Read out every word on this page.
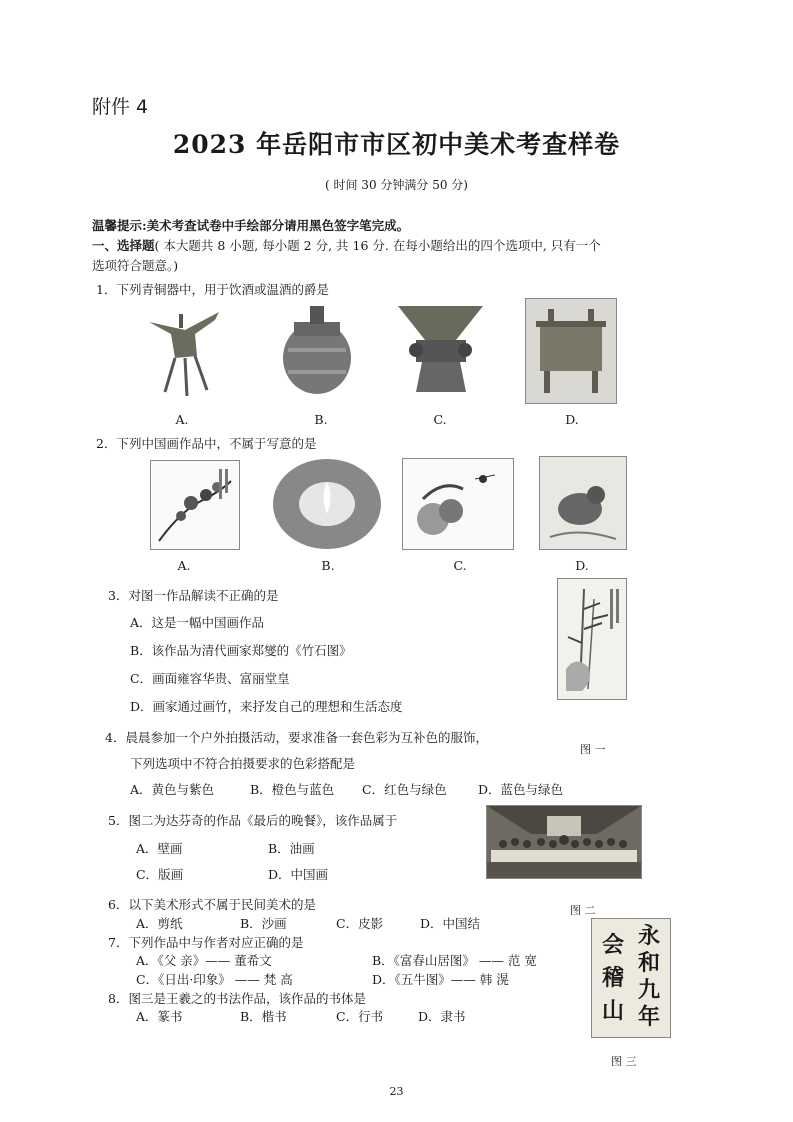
附件 4
2023 年岳阳市市区初中美术考查样卷
( 时间 30 分钟满分 50 分)
温馨提示:美术考查试卷中手绘部分请用黑色签字笔完成。
一、选择题( 本大题共 8 小题, 每小题 2 分, 共 16 分. 在每小题给出的四个选项中, 只有一个
选项符合题意。)
1．下列青铜器中，用于饮酒或温酒的爵是
A.	B.	C.	D.
2．下列中国画作品中，不属于写意的是
A.	B.	C.	D.
3．对图一作品解读不正确的是
A．这是一幅中国画作品
B．该作品为清代画家郑燮的《竹石图》
C．画面雍容华贵、富丽堂皇
D．画家通过画竹，来抒发自己的理想和生活态度
图 一
4．晨晨参加一个户外拍摄活动，要求准备一套色彩为互补色的服饰，
下列选项中不符合拍摄要求的色彩搭配是
A．黄色与紫色	B．橙色与蓝色 C．红色与绿色	D．蓝色与绿色
5．图二为达芬奇的作品《最后的晚餐》，该作品属于
A．壁画	B．油画
C．版画	D．中国画
图 二
6．以下美术形式不属于民间美术的是
A．剪纸	B．沙画	C．皮影	D．中国结
7．下列作品中与作者对应正确的是
A．《父 亲》—— 董希文	B．《富春山居图》 —— 范 宽
C．《日出·印象》 —— 梵 高	D．《五牛图》—— 韩 滉
8．图三是王羲之的书法作品，该作品的书体是
A．篆书	B．楷书	C．行书	D．隶书
永和九年
会稽山
图 三
23
